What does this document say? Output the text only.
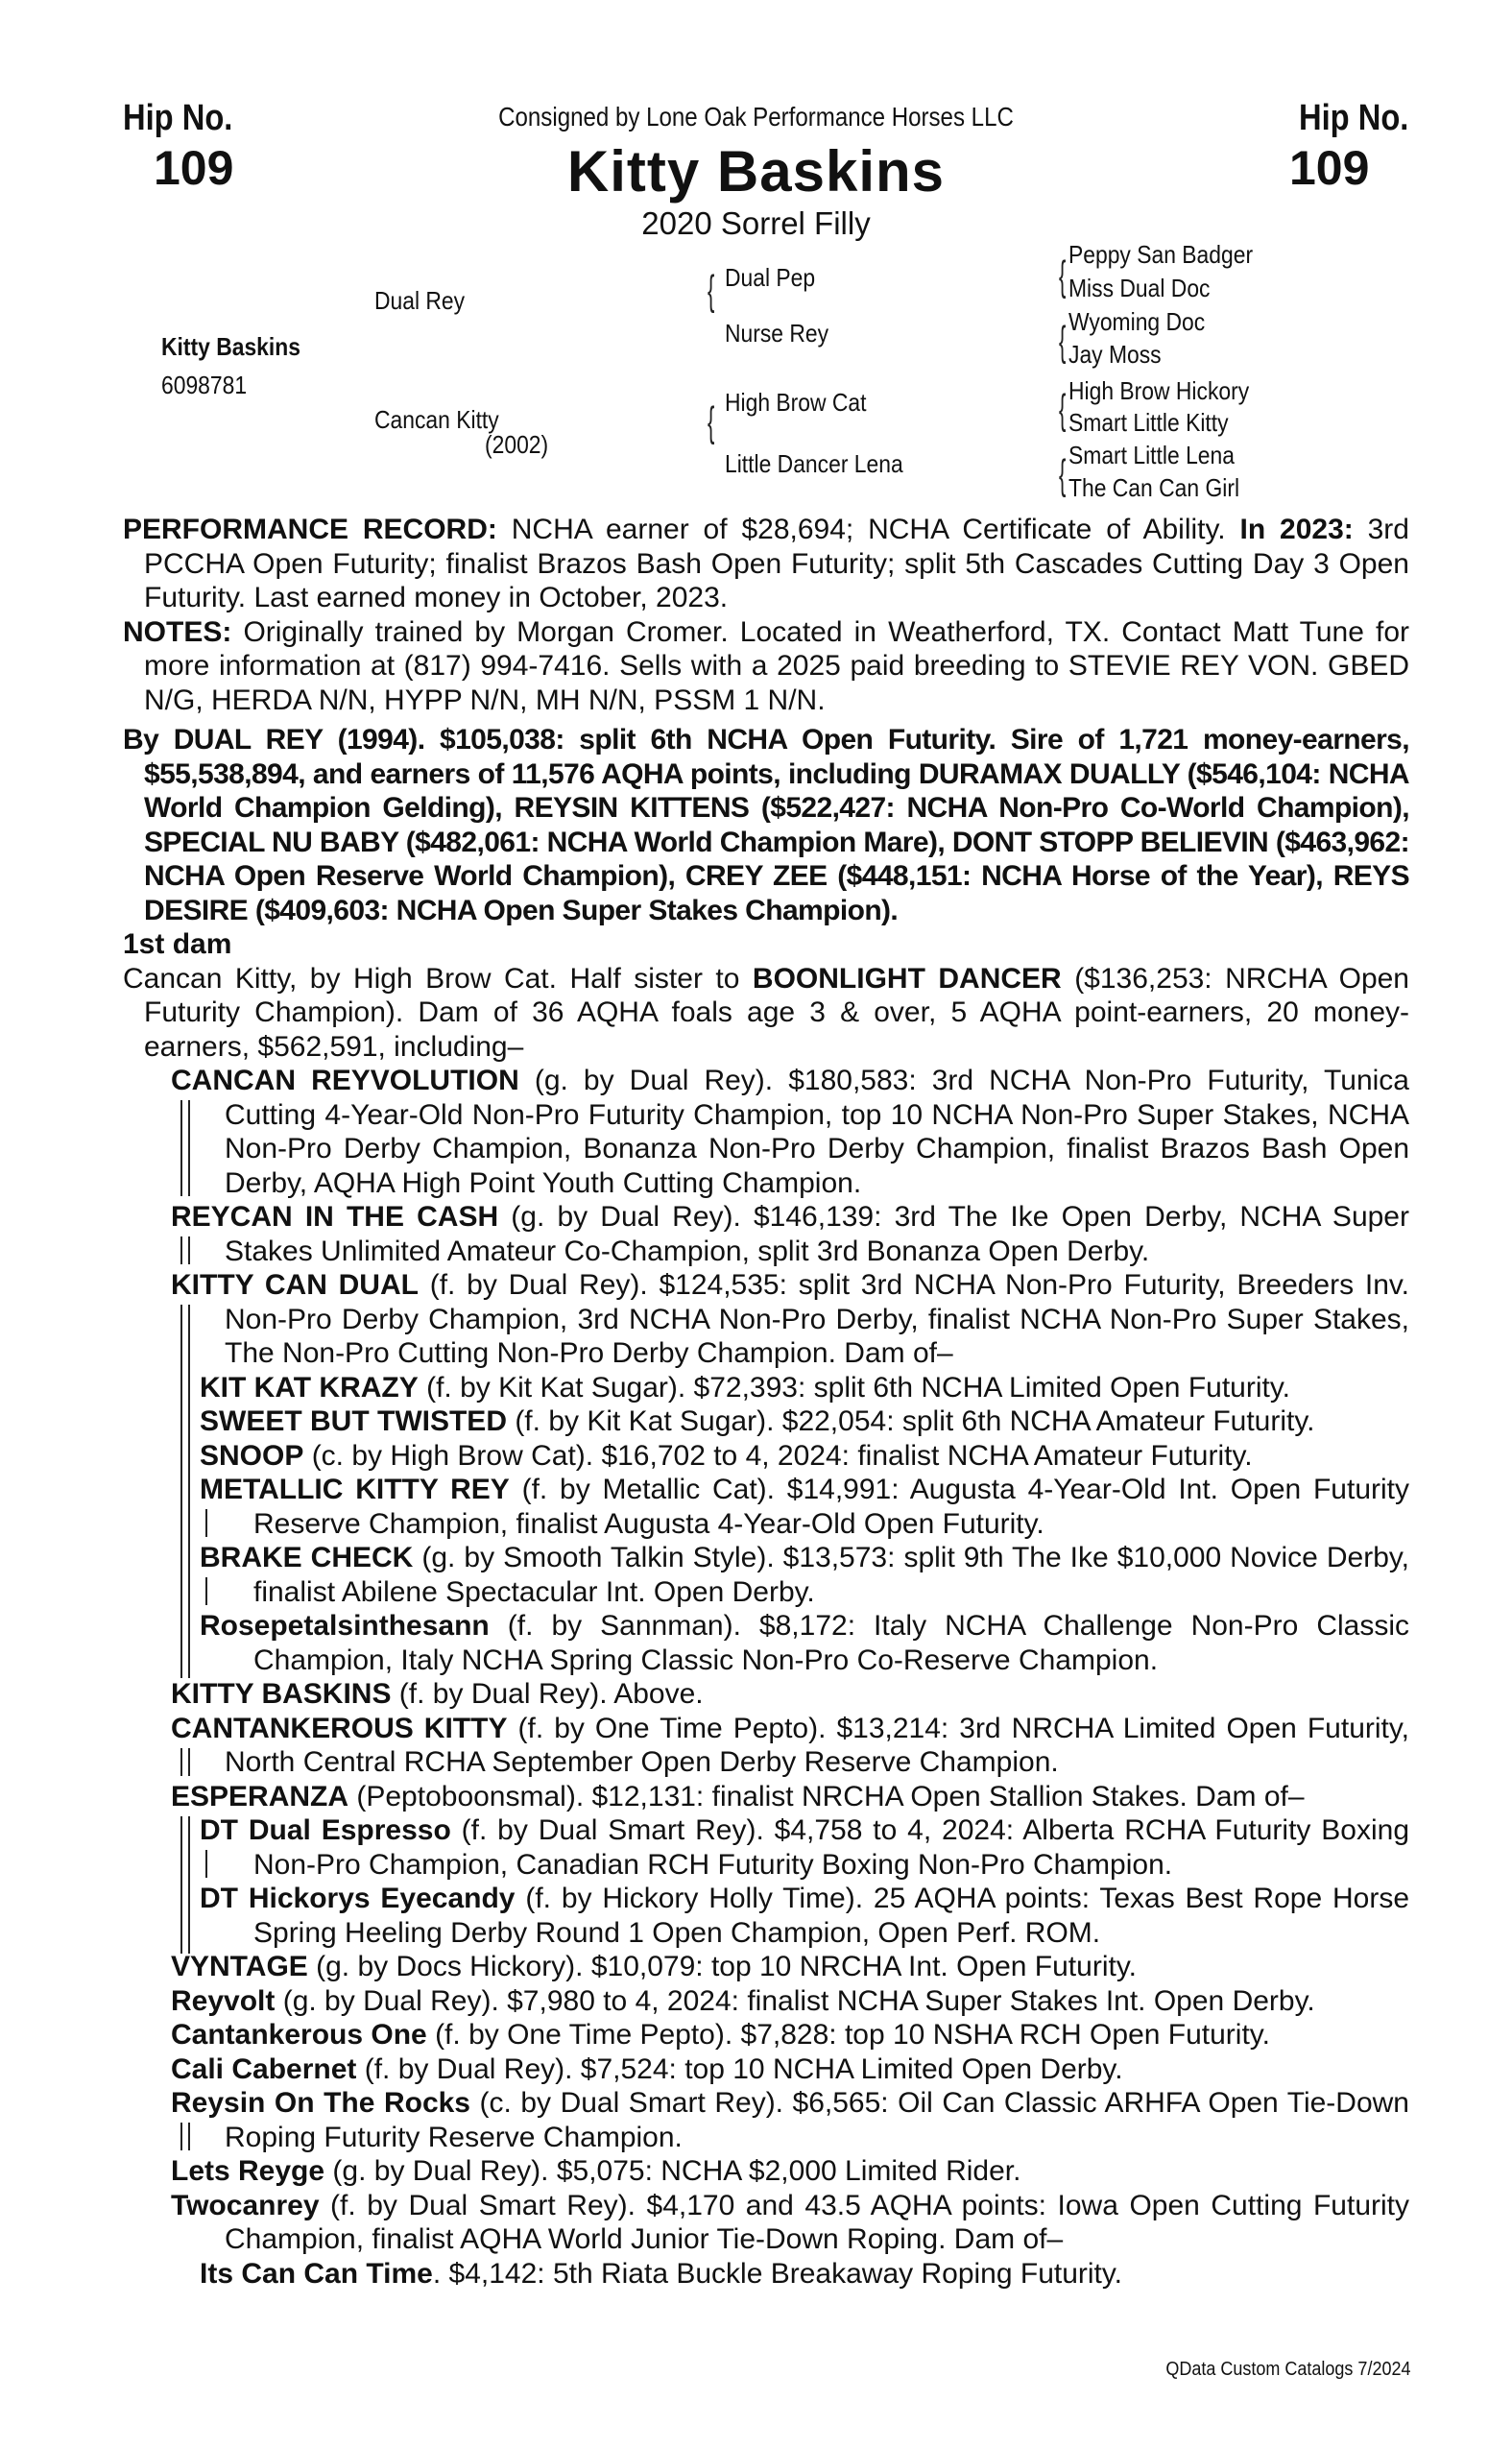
Hip No.
109
Hip No.
109
Consigned by Lone Oak Performance Horses LLC
Kitty Baskins
2020 Sorrel Filly
Kitty Baskins
6098781
Dual Rey
Cancan Kitty
(2002)
{ Dual Pep
Nurse Rey
{ High Brow Cat
Little Dancer Lena
{ Peppy San Badger
Miss Dual Doc
{ Wyoming Doc
Jay Moss
{ High Brow Hickory
Smart Little Kitty
{ Smart Little Lena
The Can Can Girl

PERFORMANCE RECORD: NCHA earner of $28,694; NCHA Certificate of Ability. In 2023: 3rd PCCHA Open Futurity; finalist Brazos Bash Open Futurity; split 5th Cascades Cutting Day 3 Open Futurity. Last earned money in October, 2023.

NOTES: Originally trained by Morgan Cromer. Located in Weatherford, TX. Contact Matt Tune for more information at (817) 994-7416. Sells with a 2025 paid breeding to STEVIE REY VON. GBED N/G, HERDA N/N, HYPP N/N, MH N/N, PSSM 1 N/N.

By DUAL REY (1994). $105,038: split 6th NCHA Open Futurity. Sire of 1,721 money-earners, $55,538,894, and earners of 11,576 AQHA points, including DURAMAX DUALLY ($546,104: NCHA World Champion Gelding), REYSIN KITTENS ($522,427: NCHA Non-Pro Co-World Champion), SPECIAL NU BABY ($482,061: NCHA World Champion Mare), DONT STOPP BELIEVIN ($463,962: NCHA Open Reserve World Champion), CREY ZEE ($448,151: NCHA Horse of the Year), REYS DESIRE ($409,603: NCHA Open Super Stakes Champion).

1st dam

Cancan Kitty, by High Brow Cat. Half sister to BOONLIGHT DANCER ($136,253: NRCHA Open Futurity Champion). Dam of 36 AQHA foals age 3 & over, 5 AQHA point-earners, 20 money-earners, $562,591, including–

CANCAN REYVOLUTION (g. by Dual Rey). $180,583: 3rd NCHA Non-Pro Futurity, Tunica Cutting 4-Year-Old Non-Pro Futurity Champion, top 10 NCHA Non-Pro Super Stakes, NCHA Non-Pro Derby Champion, Bonanza Non-Pro Derby Champion, finalist Brazos Bash Open Derby, AQHA High Point Youth Cutting Champion.
REYCAN IN THE CASH (g. by Dual Rey). $146,139: 3rd The Ike Open Derby, NCHA Super Stakes Unlimited Amateur Co-Champion, split 3rd Bonanza Open Derby.
KITTY CAN DUAL (f. by Dual Rey). $124,535: split 3rd NCHA Non-Pro Futurity, Breeders Inv. Non-Pro Derby Champion, 3rd NCHA Non-Pro Derby, finalist NCHA Non-Pro Super Stakes, The Non-Pro Cutting Non-Pro Derby Champion. Dam of–
KIT KAT KRAZY (f. by Kit Kat Sugar). $72,393: split 6th NCHA Limited Open Futurity.
SWEET BUT TWISTED (f. by Kit Kat Sugar). $22,054: split 6th NCHA Amateur Futurity.
SNOOP (c. by High Brow Cat). $16,702 to 4, 2024: finalist NCHA Amateur Futurity.
METALLIC KITTY REY (f. by Metallic Cat). $14,991: Augusta 4-Year-Old Int. Open Futurity Reserve Champion, finalist Augusta 4-Year-Old Open Futurity.
BRAKE CHECK (g. by Smooth Talkin Style). $13,573: split 9th The Ike $10,000 Novice Derby, finalist Abilene Spectacular Int. Open Derby.
Rosepetalsinthesann (f. by Sannman). $8,172: Italy NCHA Challenge Non-Pro Classic Champion, Italy NCHA Spring Classic Non-Pro Co-Reserve Champion.
KITTY BASKINS (f. by Dual Rey). Above.
CANTANKEROUS KITTY (f. by One Time Pepto). $13,214: 3rd NRCHA Limited Open Futurity, North Central RCHA September Open Derby Reserve Champion.
ESPERANZA (Peptoboonsmal). $12,131: finalist NRCHA Open Stallion Stakes. Dam of–
DT Dual Espresso (f. by Dual Smart Rey). $4,758 to 4, 2024: Alberta RCHA Futurity Boxing Non-Pro Champion, Canadian RCH Futurity Boxing Non-Pro Champion.
DT Hickorys Eyecandy (f. by Hickory Holly Time). 25 AQHA points: Texas Best Rope Horse Spring Heeling Derby Round 1 Open Champion, Open Perf. ROM.
VYNTAGE (g. by Docs Hickory). $10,079: top 10 NRCHA Int. Open Futurity.
Reyvolt (g. by Dual Rey). $7,980 to 4, 2024: finalist NCHA Super Stakes Int. Open Derby.
Cantankerous One (f. by One Time Pepto). $7,828: top 10 NSHA RCH Open Futurity.
Cali Cabernet (f. by Dual Rey). $7,524: top 10 NCHA Limited Open Derby.
Reysin On The Rocks (c. by Dual Smart Rey). $6,565: Oil Can Classic ARHFA Open Tie-Down Roping Futurity Reserve Champion.
Lets Reyge (g. by Dual Rey). $5,075: NCHA $2,000 Limited Rider.
Twocanrey (f. by Dual Smart Rey). $4,170 and 43.5 AQHA points: Iowa Open Cutting Futurity Champion, finalist AQHA World Junior Tie-Down Roping. Dam of–
Its Can Can Time. $4,142: 5th Riata Buckle Breakaway Roping Futurity.
QData Custom Catalogs 7/2024
